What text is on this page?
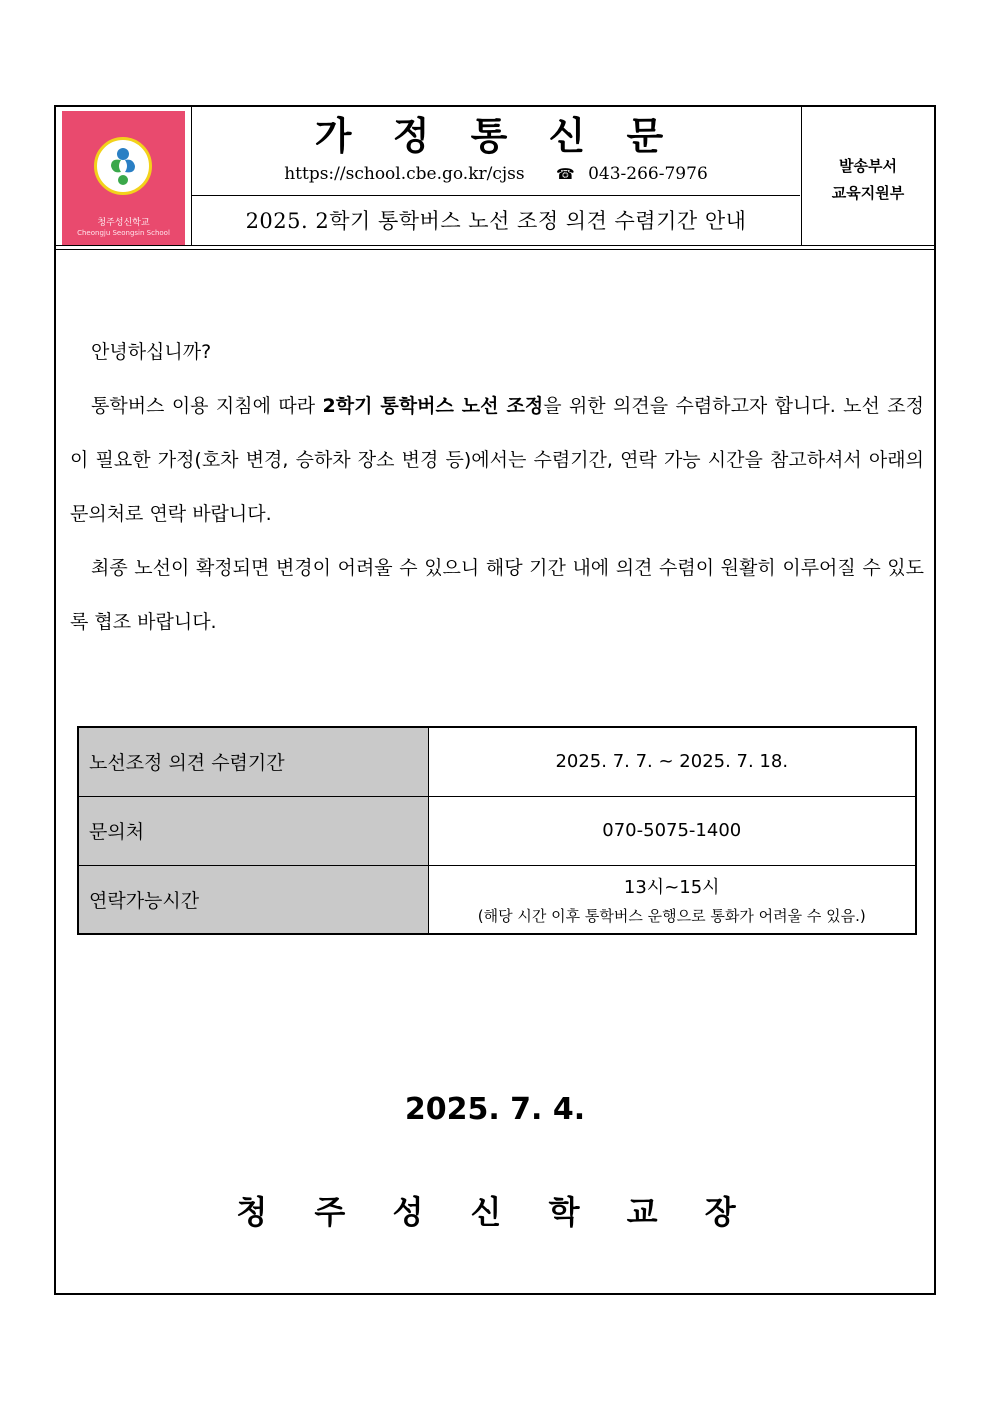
청주성신학교
Cheongju Seongsin School
가 정 통 신 문
https://school.cbe.go.kr/cjss ☎ 043-266-7976
2025. 2학기 통학버스 노선 조정 의견 수렴기간 안내
발송부서
교육지원부

안녕하십니까?

통학버스 이용 지침에 따라 2학기 통학버스 노선 조정을 위한 의견을 수렴하고자 합니다. 노선 조정이 필요한 가정(호차 변경, 승하차 장소 변경 등)에서는 수렴기간, 연락 가능 시간을 참고하셔서 아래의 문의처로 연락 바랍니다.

최종 노선이 확정되면 변경이 어려울 수 있으니 해당 기간 내에 의견 수렴이 원활히 이루어질 수 있도록 협조 바랍니다.

노선조정 의견 수렴기간	2025. 7. 7. ~ 2025. 7. 18.
문의처	070-5075-1400
연락가능시간	13시~15시
(해당 시간 이후 통학버스 운행으로 통화가 어려울 수 있음.)
2025. 7. 4.
청 주 성 신 학 교 장
